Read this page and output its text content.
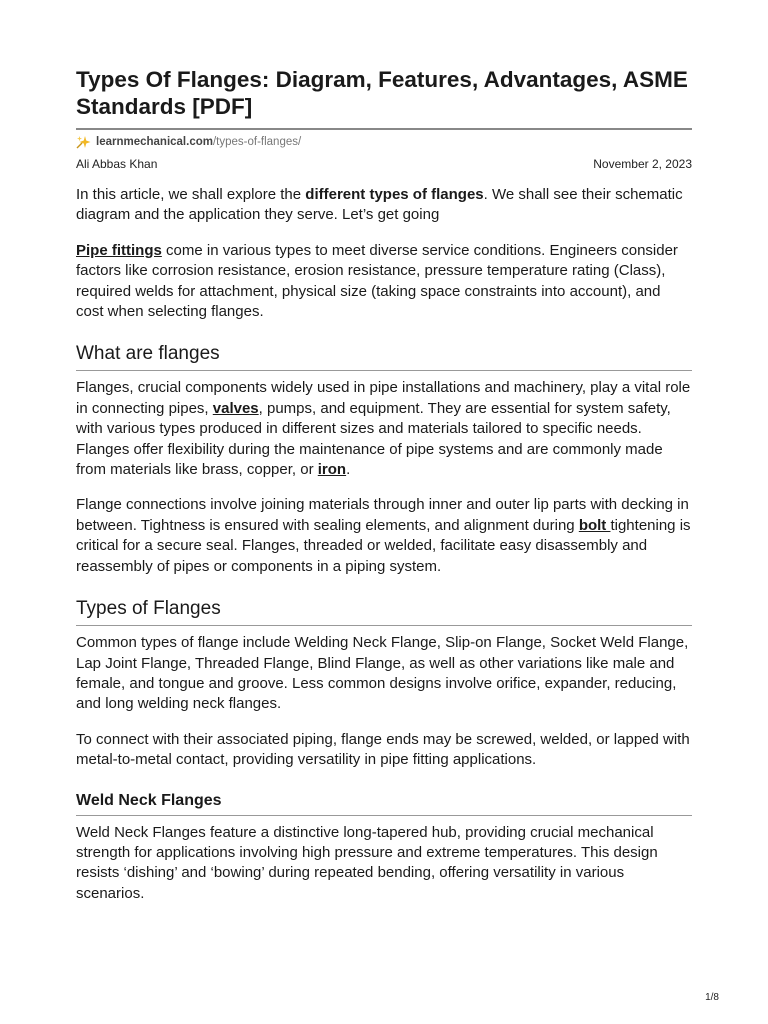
Types Of Flanges: Diagram, Features, Advantages, ASME Standards [PDF]
learnmechanical.com/types-of-flanges/
Ali Abbas Khan	November 2, 2023

In this article, we shall explore the different types of flanges. We shall see their schematic diagram and the application they serve. Let’s get going

Pipe fittings come in various types to meet diverse service conditions. Engineers consider factors like corrosion resistance, erosion resistance, pressure temperature rating (Class), required welds for attachment, physical size (taking space constraints into account), and cost when selecting flanges.

What are flanges

Flanges, crucial components widely used in pipe installations and machinery, play a vital role in connecting pipes, valves, pumps, and equipment. They are essential for system safety, with various types produced in different sizes and materials tailored to specific needs. Flanges offer flexibility during the maintenance of pipe systems and are commonly made from materials like brass, copper, or iron.

Flange connections involve joining materials through inner and outer lip parts with decking in between. Tightness is ensured with sealing elements, and alignment during bolt tightening is critical for a secure seal. Flanges, threaded or welded, facilitate easy disassembly and reassembly of pipes or components in a piping system.

Types of Flanges

Common types of flange include Welding Neck Flange, Slip-on Flange, Socket Weld Flange, Lap Joint Flange, Threaded Flange, Blind Flange, as well as other variations like male and female, and tongue and groove. Less common designs involve orifice, expander, reducing, and long welding neck flanges.

To connect with their associated piping, flange ends may be screwed, welded, or lapped with metal-to-metal contact, providing versatility in pipe fitting applications.

Weld Neck Flanges

Weld Neck Flanges feature a distinctive long-tapered hub, providing crucial mechanical strength for applications involving high pressure and extreme temperatures. This design resists ‘dishing’ and ‘bowing’ during repeated bending, offering versatility in various scenarios.

1/8
